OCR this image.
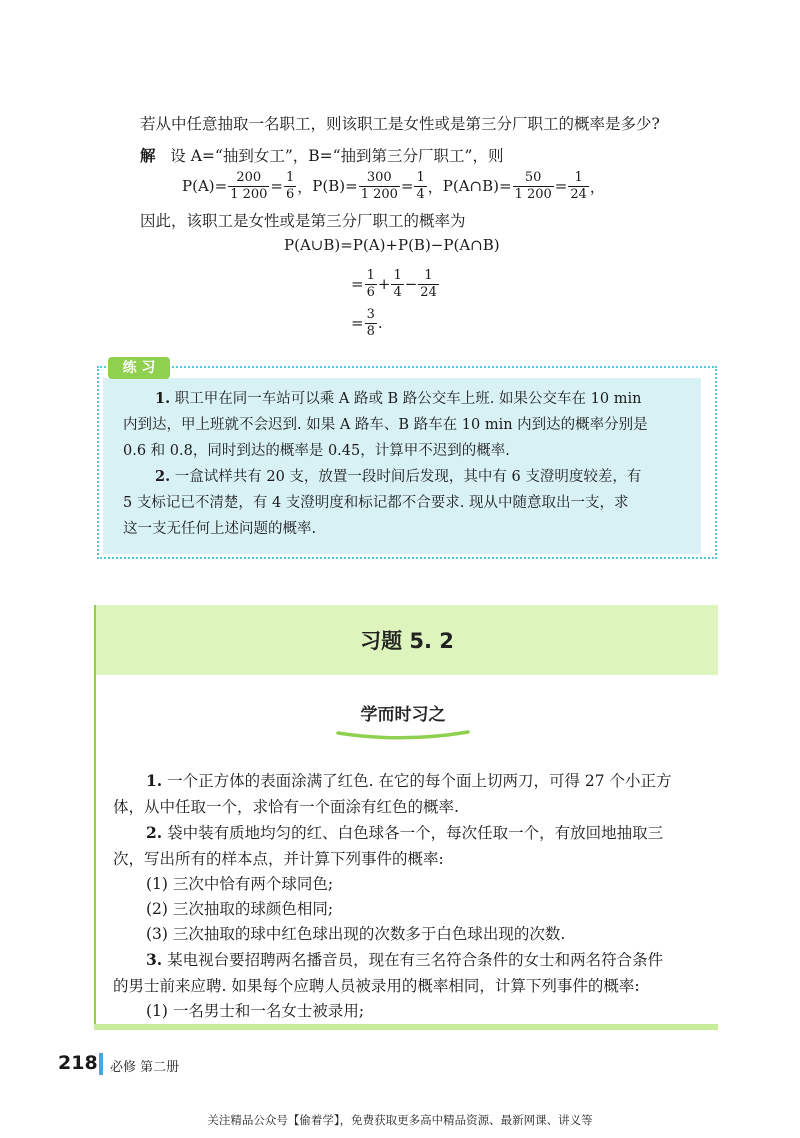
若从中任意抽取一名职工，则该职工是女性或是第三分厂职工的概率是多少?
解 设 A=“抽到女工”，B=“抽到第三分厂职工”，则
$P(A)= \frac{200}{1 200} = \frac{1}{6}$ ， $P(B)= \frac{300}{1 200} = \frac{1}{4}$ ， P(A∩B)= $\frac{50}{1 200} = \frac{1}{24}$ ，
因此，该职工是女性或是第三分厂职工的概率为
P(A∪B)=P(A)+P(B)−P(A∩B)
= $\frac{1}{6} + \frac{1}{4} - \frac{1}{24}$
= $\frac{3}{8}$ .
练 习
1. 职工甲在同一车站可以乘 A 路或 B 路公交车上班. 如果公交车在 10 min
内到达，甲上班就不会迟到. 如果 A 路车、B 路车在 10 min 内到达的概率分别是
0.6 和 0.8，同时到达的概率是 0.45，计算甲不迟到的概率.
2. 一盒试样共有 20 支，放置一段时间后发现，其中有 6 支澄明度较差，有
5 支标记已不清楚，有 4 支澄明度和标记都不合要求. 现从中随意取出一支，求
这一支无任何上述问题的概率.
习题 5. 2
学而时习之
1. 一个正方体的表面涂满了红色. 在它的每个面上切两刀，可得 27 个小正方
体，从中任取一个，求恰有一个面涂有红色的概率.
2. 袋中装有质地均匀的红、白色球各一个，每次任取一个，有放回地抽取三
次，写出所有的样本点，并计算下列事件的概率:
(1) 三次中恰有两个球同色;
(2) 三次抽取的球颜色相同;
(3) 三次抽取的球中红色球出现的次数多于白色球出现的次数.
3. 某电视台要招聘两名播音员，现在有三名符合条件的女士和两名符合条件
的男士前来应聘. 如果每个应聘人员被录用的概率相同，计算下列事件的概率:
(1) 一名男士和一名女士被录用;
218 必修 第二册
关注精品公众号【偷着学】，免费获取更多高中精品资源、最新网课、讲义等
